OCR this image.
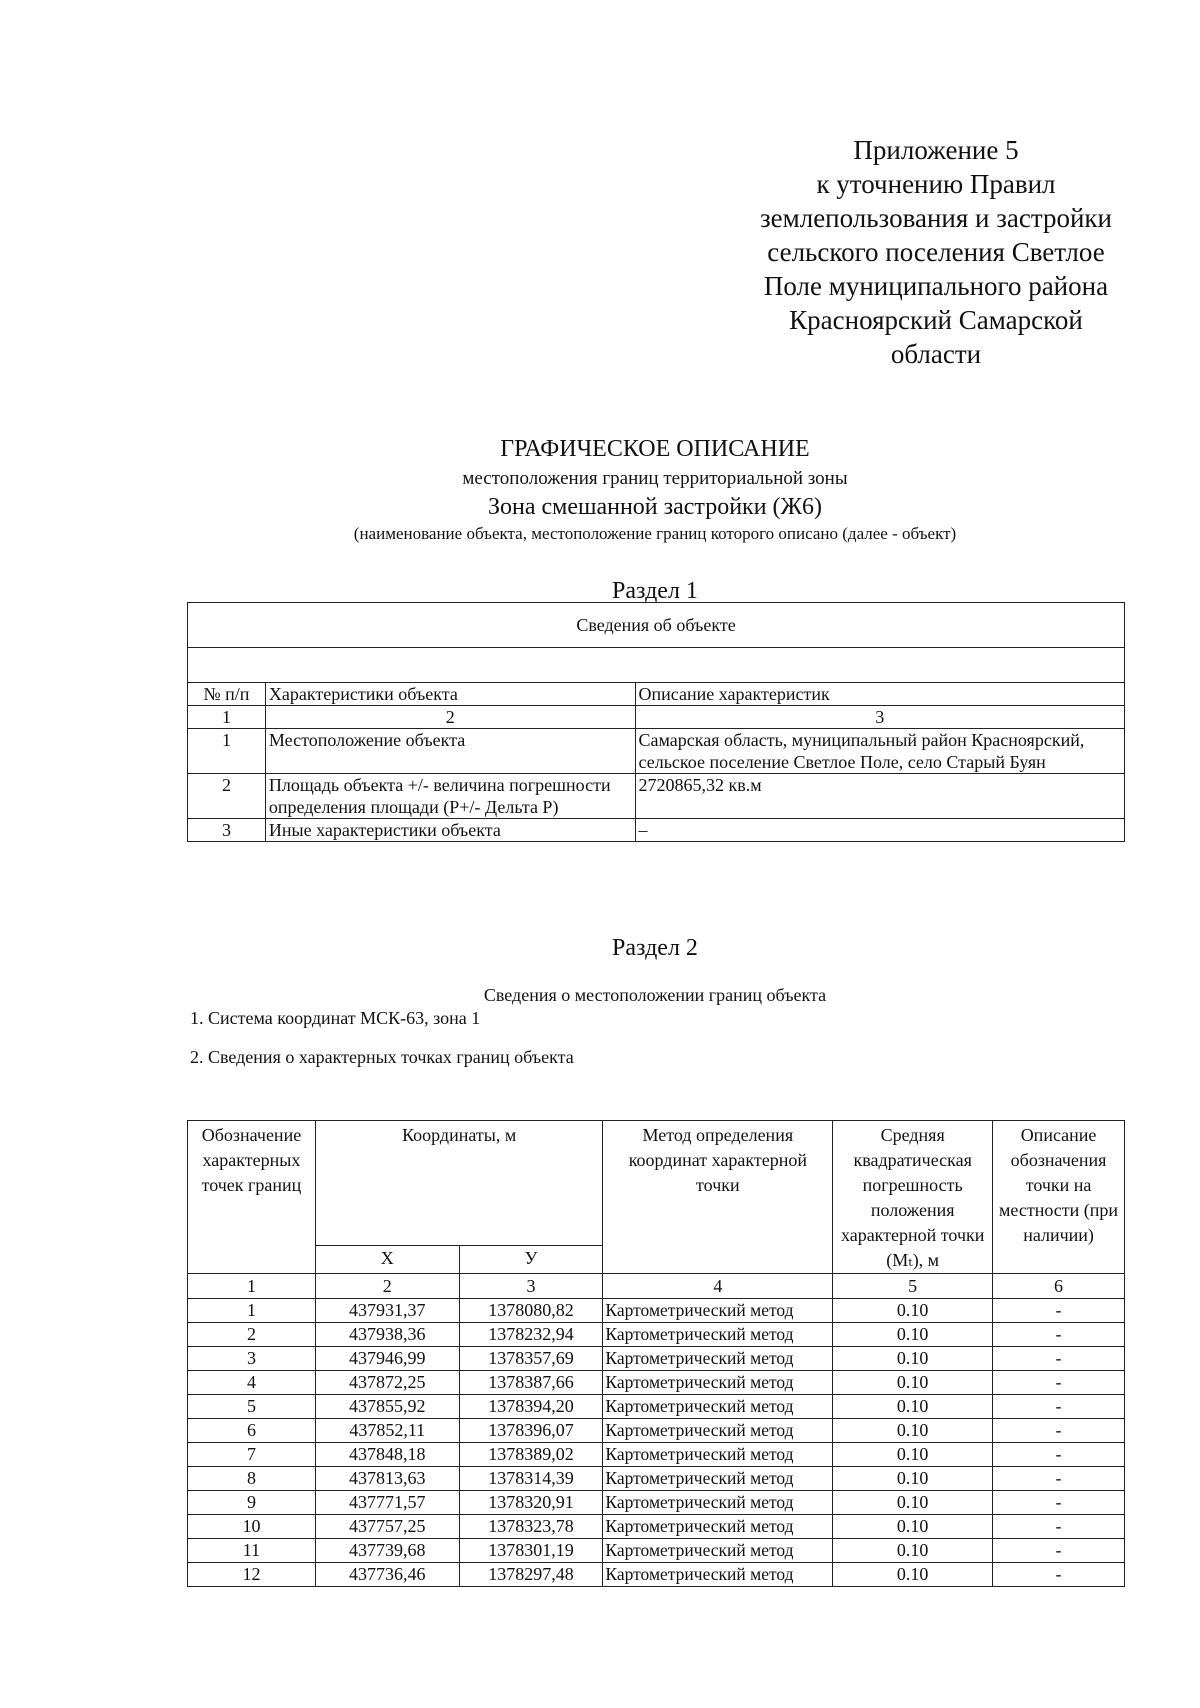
Приложение 5
к уточнению Правил
землепользования и застройки
сельского поселения Светлое
Поле муниципального района
Красноярский Самарской
области
ГРАФИЧЕСКОЕ ОПИСАНИЕ
местоположения границ территориальной зоны
Зона смешанной застройки (Ж6)
(наименование объекта, местоположение границ которого описано (далее - объект)
Раздел 1
Сведения об объекте		

№ п/п	Характеристики объекта	Описание характеристик
1	2	3
1	Местоположение объекта	Самарская область, муниципальный район Красноярский, сельское поселение Светлое Поле, село Старый Буян
2	Площадь объекта +/- величина погрешности определения площади (P+/- Дельта P)	2720865,32 кв.м
3	Иные характеристики объекта	–
Раздел 2
Сведения о местоположении границ объекта
1. Система координат МСК-63, зона 1
2. Сведения о характерных точках границ объекта
Обозначение характерных точек границ	Координаты, м		Метод определения координат характерной точки	Средняя квадратическая погрешность положения характерной точки (Mₜ), м	Описание обозначения точки на местности (при наличии)
	X	У			
1	2	3	4	5	6
1	437931,37	1378080,82	Картометрический метод	0.10	-
2	437938,36	1378232,94	Картометрический метод	0.10	-
3	437946,99	1378357,69	Картометрический метод	0.10	-
4	437872,25	1378387,66	Картометрический метод	0.10	-
5	437855,92	1378394,20	Картометрический метод	0.10	-
6	437852,11	1378396,07	Картометрический метод	0.10	-
7	437848,18	1378389,02	Картометрический метод	0.10	-
8	437813,63	1378314,39	Картометрический метод	0.10	-
9	437771,57	1378320,91	Картометрический метод	0.10	-
10	437757,25	1378323,78	Картометрический метод	0.10	-
11	437739,68	1378301,19	Картометрический метод	0.10	-
12	437736,46	1378297,48	Картометрический метод	0.10	-
